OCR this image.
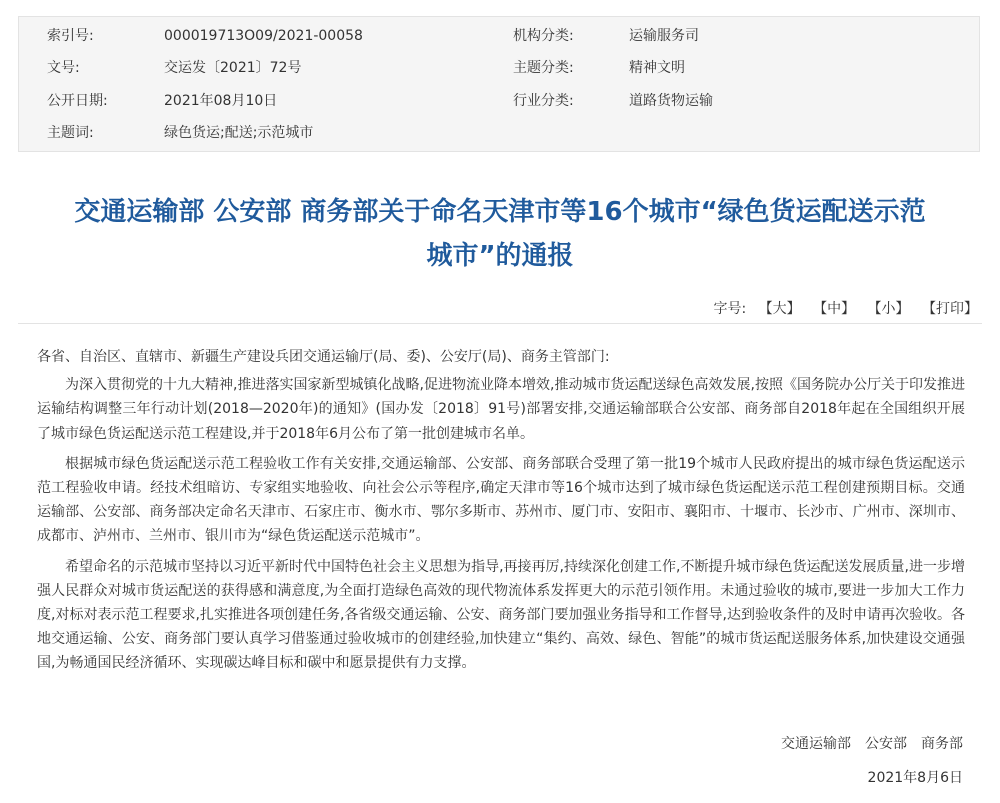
索引号:	000019713O09/2021-00058	机构分类:	运输服务司
文号:	交运发〔2021〕72号	主题分类:	精神文明
公开日期:	2021年08月10日	行业分类:	道路货物运输
主题词:	绿色货运;配送;示范城市
交通运输部 公安部 商务部关于命名天津市等16个城市“绿色货运配送示范
城市”的通报
字号: 【大】 【中】 【小】 【打印】

各省、自治区、直辖市、新疆生产建设兵团交通运输厅(局、委)、公安厅(局)、商务主管部门:

为深入贯彻党的十九大精神,推进落实国家新型城镇化战略,促进物流业降本增效,推动城市货运配送绿色高效发展,按照《国务院办公厅关于印发推进运输结构调整三年行动计划(2018—2020年)的通知》(国办发〔2018〕91号)部署安排,交通运输部联合公安部、商务部自2018年起在全国组织开展了城市绿色货运配送示范工程建设,并于2018年6月公布了第一批创建城市名单。

根据城市绿色货运配送示范工程验收工作有关安排,交通运输部、公安部、商务部联合受理了第一批19个城市人民政府提出的城市绿色货运配送示范工程验收申请。经技术组暗访、专家组实地验收、向社会公示等程序,确定天津市等16个城市达到了城市绿色货运配送示范工程创建预期目标。交通运输部、公安部、商务部决定命名天津市、石家庄市、衡水市、鄂尔多斯市、苏州市、厦门市、安阳市、襄阳市、十堰市、长沙市、广州市、深圳市、成都市、泸州市、兰州市、银川市为“绿色货运配送示范城市”。

希望命名的示范城市坚持以习近平新时代中国特色社会主义思想为指导,再接再厉,持续深化创建工作,不断提升城市绿色货运配送发展质量,进一步增强人民群众对城市货运配送的获得感和满意度,为全面打造绿色高效的现代物流体系发挥更大的示范引领作用。未通过验收的城市,要进一步加大工作力度,对标对表示范工程要求,扎实推进各项创建任务,各省级交通运输、公安、商务部门要加强业务指导和工作督导,达到验收条件的及时申请再次验收。各地交通运输、公安、商务部门要认真学习借鉴通过验收城市的创建经验,加快建立“集约、高效、绿色、智能”的城市货运配送服务体系,加快建设交通强国,为畅通国民经济循环、实现碳达峰目标和碳中和愿景提供有力支撑。

交通运输部　公安部　商务部
2021年8月6日
